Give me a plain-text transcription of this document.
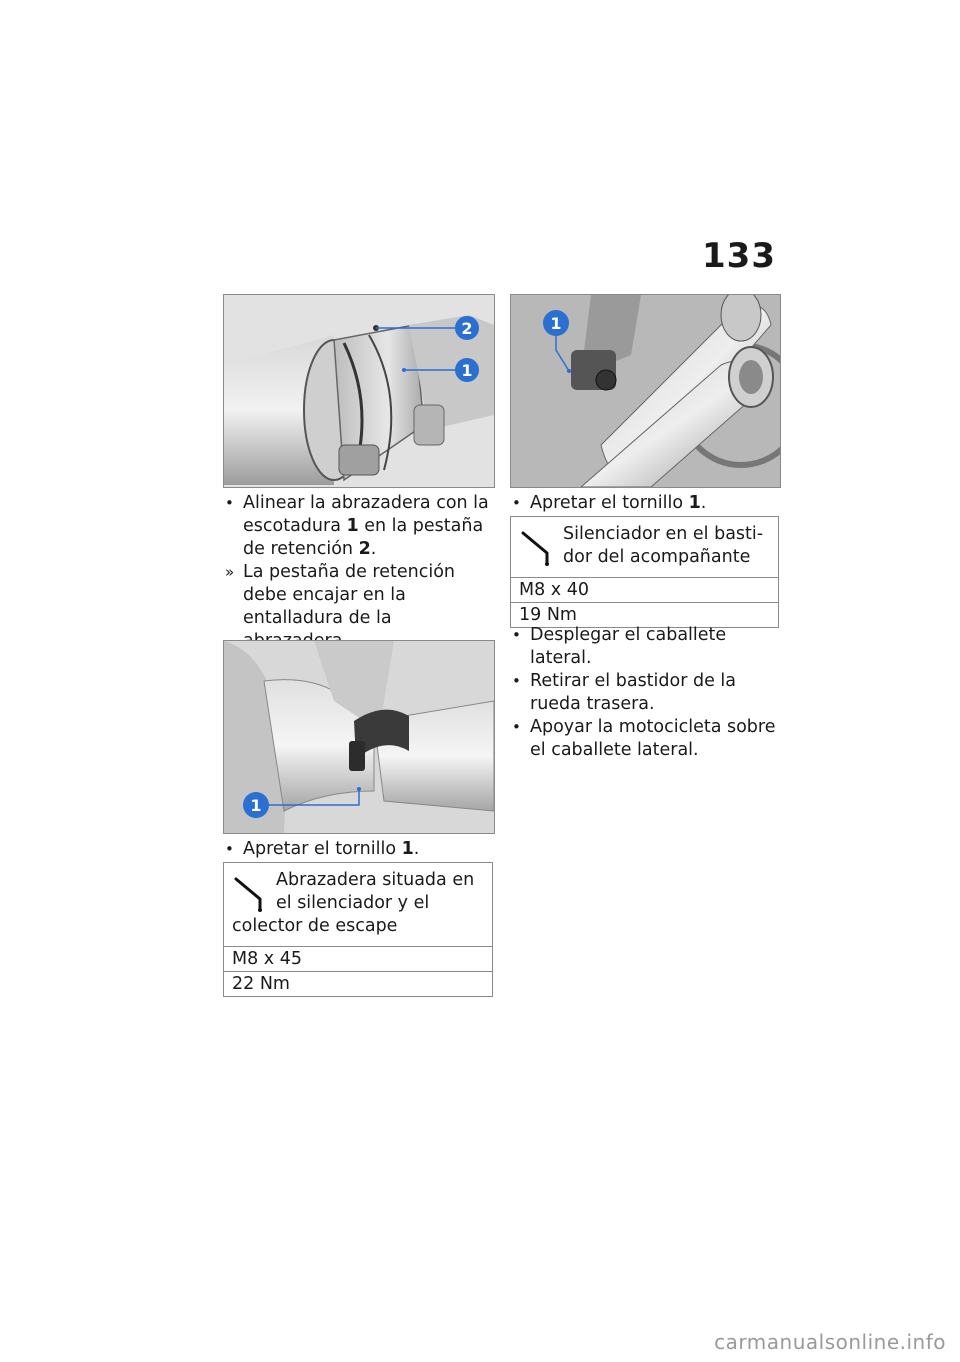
133
2
1

• Alinear la abrazadera con la escotadura 1 en la pestaña de retención 2.

» La pestaña de retención debe encajar en la entalladura de la

1

• Apretar el tornillo 1.

Abrazadera situada en el silenciador y el colector de escape
M8 x 45
22 Nm
1

• Apretar el tornillo 1.

Silenciador en el basti-dor del acompañante
M8 x 40
19 Nm

• Desplegar el caballete lateral.

• Retirar el bastidor de la rueda trasera.

• Apoyar la motocicleta sobre el caballete lateral.

carmanualsonline.info
